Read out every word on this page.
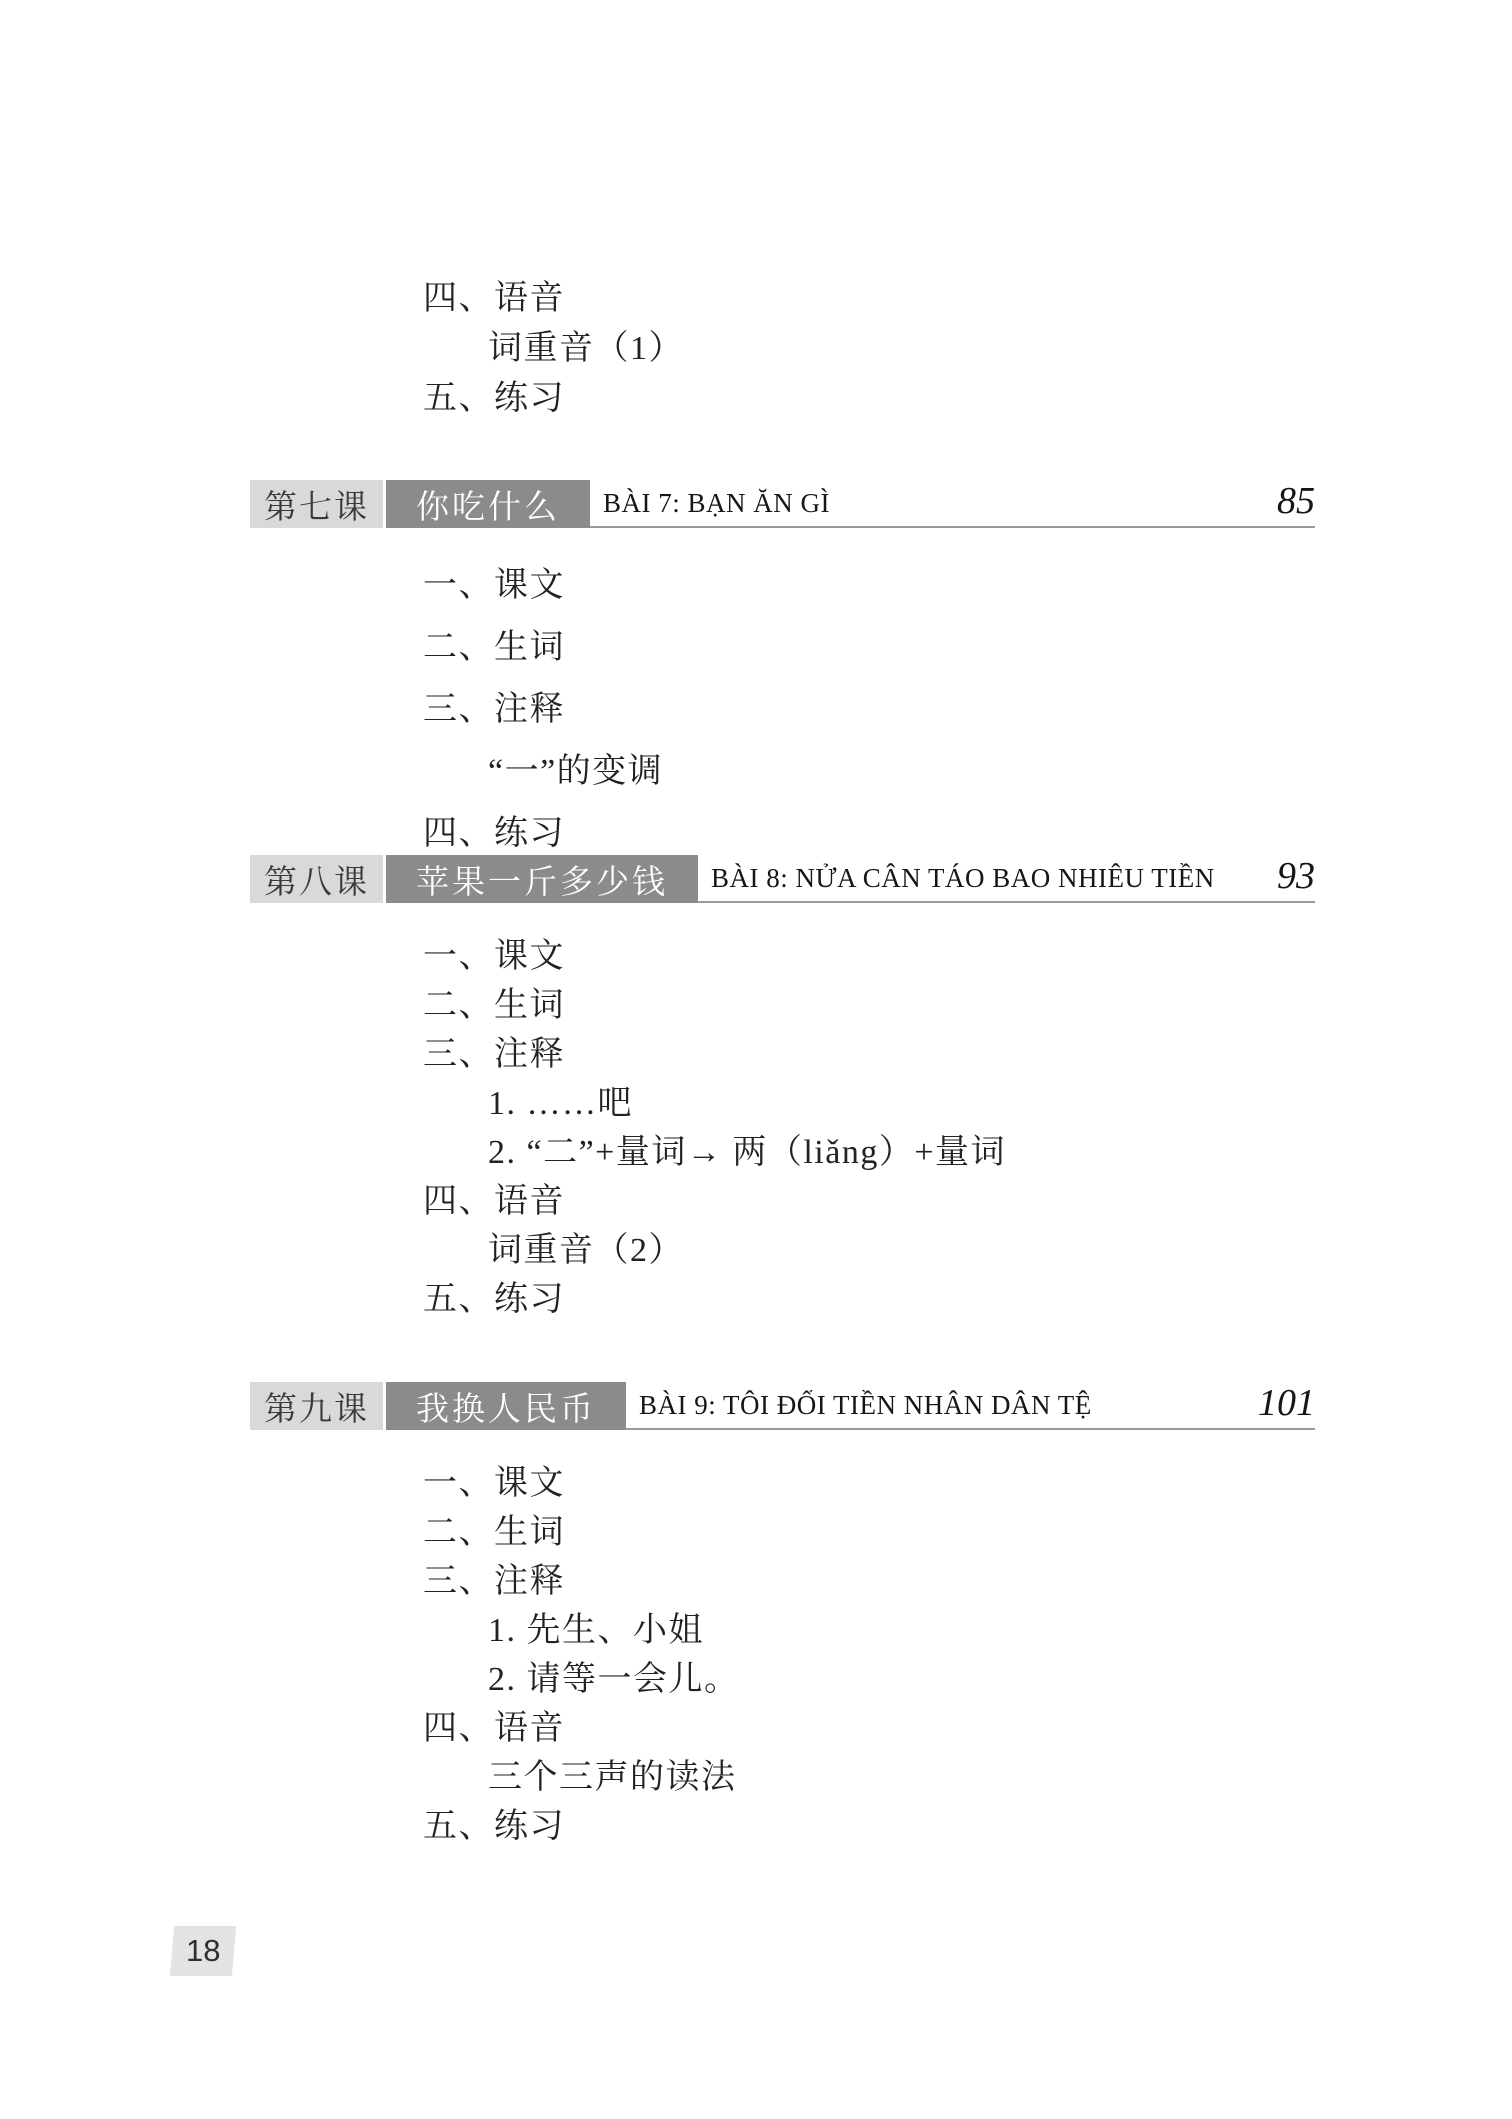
四、语音
词重音（1）
五、练习
第七课 你吃什么 BÀI 7: BẠN ĂN GÌ	85
一、课文
二、生词
三、注释
“一”的变调
四、练习
第八课 苹果一斤多少钱 BÀI 8: NỬA CÂN TÁO BAO NHIÊU TIỀN	93
一、课文
二、生词
三、注释
1. ……吧
2. “二”+量词→ 两（liǎng）+量词
四、语音
词重音（2）
五、练习
第九课 我换人民币 BÀI 9: TÔI ĐỔI TIỀN NHÂN DÂN TỆ	101
一、课文
二、生词
三、注释
1. 先生、小姐
2. 请等一会儿。
四、语音
三个三声的读法
五、练习
18
